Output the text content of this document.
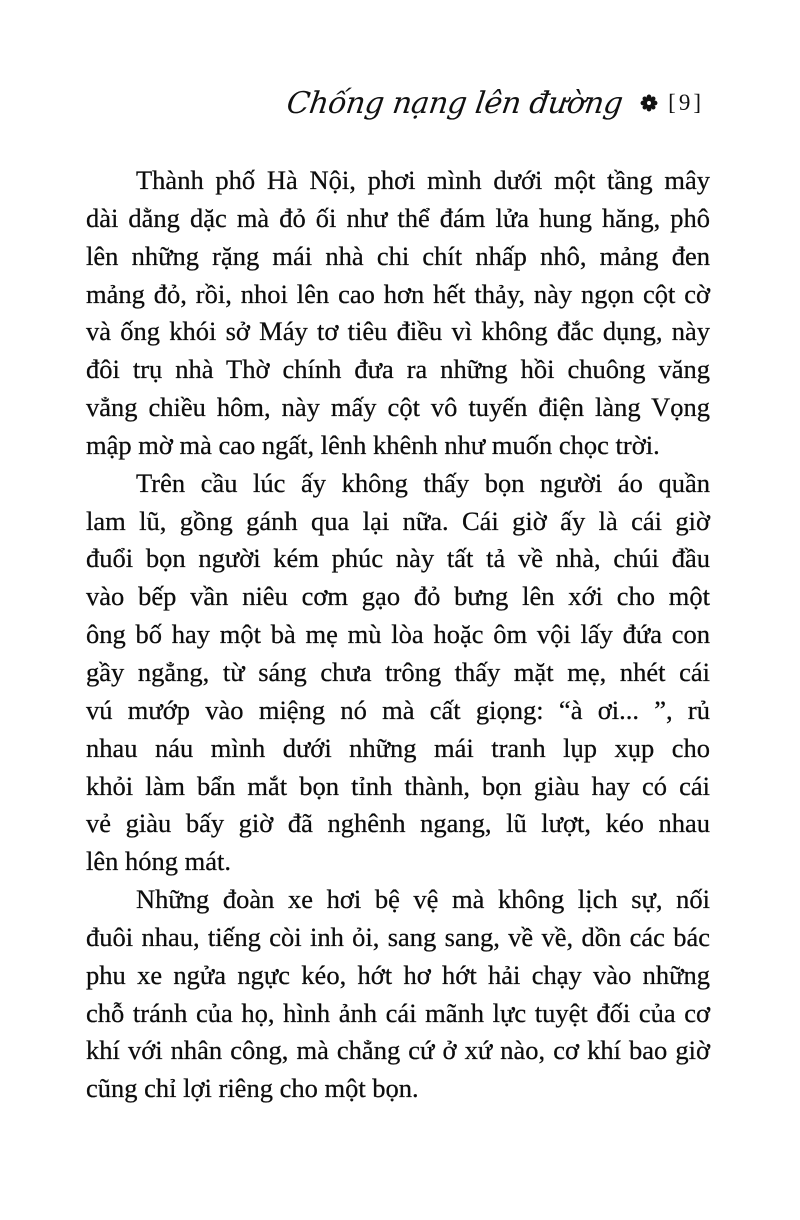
Chống nạng lên đường [9]
Thành phố Hà Nội, phơi mình dưới một tầng mây
dài dằng dặc mà đỏ ối như thể đám lửa hung hăng, phô
lên những rặng mái nhà chi chít nhấp nhô, mảng đen
mảng đỏ, rồi, nhoi lên cao hơn hết thảy, này ngọn cột cờ
và ống khói sở Máy tơ tiêu điều vì không đắc dụng, này
đôi trụ nhà Thờ chính đưa ra những hồi chuông văng
vẳng chiều hôm, này mấy cột vô tuyến điện làng Vọng
mập mờ mà cao ngất, lênh khênh như muốn chọc trời.
Trên cầu lúc ấy không thấy bọn người áo quần
lam lũ, gồng gánh qua lại nữa. Cái giờ ấy là cái giờ
đuổi bọn người kém phúc này tất tả về nhà, chúi đầu
vào bếp vần niêu cơm gạo đỏ bưng lên xới cho một
ông bố hay một bà mẹ mù lòa hoặc ôm vội lấy đứa con
gầy ngẳng, từ sáng chưa trông thấy mặt mẹ, nhét cái
vú mướp vào miệng nó mà cất giọng: “à ơi... ”, rủ
nhau náu mình dưới những mái tranh lụp xụp cho
khỏi làm bẩn mắt bọn tỉnh thành, bọn giàu hay có cái
vẻ giàu bấy giờ đã nghênh ngang, lũ lượt, kéo nhau
lên hóng mát.
Những đoàn xe hơi bệ vệ mà không lịch sự, nối
đuôi nhau, tiếng còi inh ỏi, sang sang, về về, dồn các bác
phu xe ngửa ngực kéo, hớt hơ hớt hải chạy vào những
chỗ tránh của họ, hình ảnh cái mãnh lực tuyệt đối của cơ
khí với nhân công, mà chẳng cứ ở xứ nào, cơ khí bao giờ
cũng chỉ lợi riêng cho một bọn.
